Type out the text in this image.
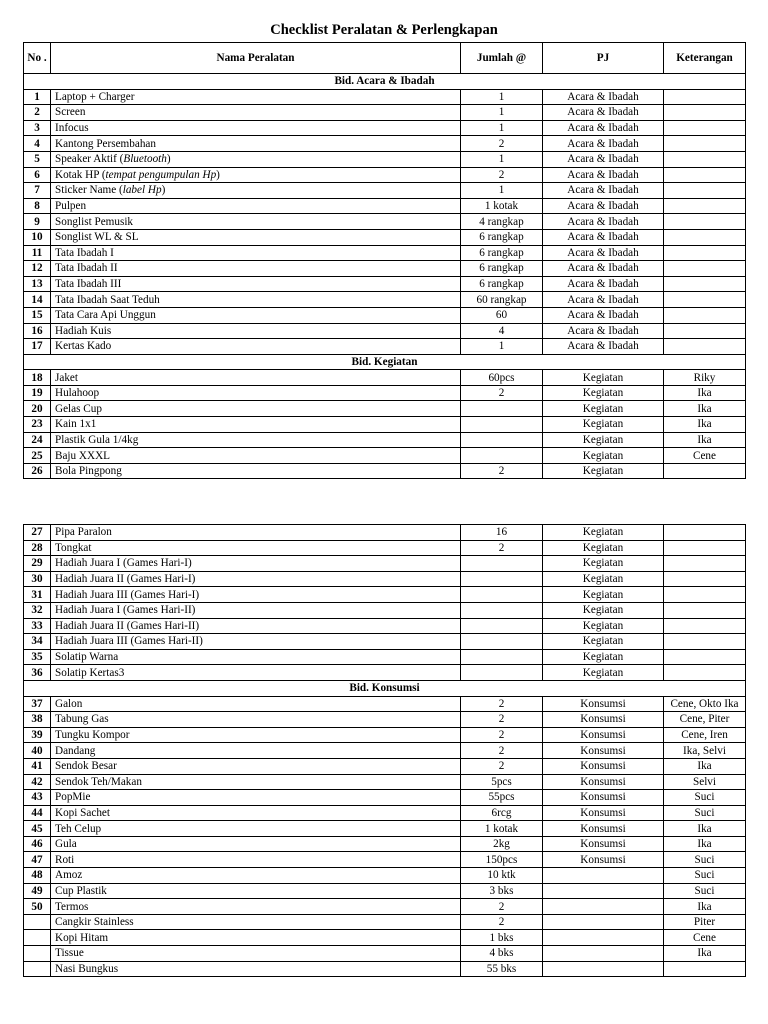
Checklist Peralatan & Perlengkapan
No .	Nama Peralatan	Jumlah @	PJ	Keterangan
Bid. Acara & Ibadah				
1	Laptop + Charger	1	Acara & Ibadah	
2	Screen	1	Acara & Ibadah	
3	Infocus	1	Acara & Ibadah	
4	Kantong Persembahan	2	Acara & Ibadah	
5	Speaker Aktif (Bluetooth)	1	Acara & Ibadah	
6	Kotak HP (tempat pengumpulan Hp)	2	Acara & Ibadah	
7	Sticker Name (label Hp)	1	Acara & Ibadah	
8	Pulpen	1 kotak	Acara & Ibadah	
9	Songlist Pemusik	4 rangkap	Acara & Ibadah	
10	Songlist WL & SL	6 rangkap	Acara & Ibadah	
11	Tata Ibadah I	6 rangkap	Acara & Ibadah	
12	Tata Ibadah II	6 rangkap	Acara & Ibadah	
13	Tata Ibadah III	6 rangkap	Acara & Ibadah	
14	Tata Ibadah Saat Teduh	60 rangkap	Acara & Ibadah	
15	Tata Cara Api Unggun	60	Acara & Ibadah	
16	Hadiah Kuis	4	Acara & Ibadah	
17	Kertas Kado	1	Acara & Ibadah	
Bid. Kegiatan				
18	Jaket	60pcs	Kegiatan	Riky
19	Hulahoop	2	Kegiatan	Ika
20	Gelas Cup		Kegiatan	Ika
23	Kain 1x1		Kegiatan	Ika
24	Plastik Gula 1/4kg		Kegiatan	Ika
25	Baju XXXL		Kegiatan	Cene
26	Bola Pingpong	2	Kegiatan	
27	Pipa Paralon	16	Kegiatan	
28	Tongkat	2	Kegiatan	
29	Hadiah Juara I (Games Hari-I)		Kegiatan	
30	Hadiah Juara II (Games Hari-I)		Kegiatan	
31	Hadiah Juara III (Games Hari-I)		Kegiatan	
32	Hadiah Juara I (Games Hari-II)		Kegiatan	
33	Hadiah Juara II (Games Hari-II)		Kegiatan	
34	Hadiah Juara III (Games Hari-II)		Kegiatan	
35	Solatip Warna		Kegiatan	
36	Solatip Kertas3		Kegiatan	
Bid. Konsumsi				
37	Galon	2	Konsumsi	Cene, Okto Ika
38	Tabung Gas	2	Konsumsi	Cene, Piter
39	Tungku Kompor	2	Konsumsi	Cene, Iren
40	Dandang	2	Konsumsi	Ika, Selvi
41	Sendok Besar	2	Konsumsi	Ika
42	Sendok Teh/Makan	5pcs	Konsumsi	Selvi
43	PopMie	55pcs	Konsumsi	Suci
44	Kopi Sachet	6rcg	Konsumsi	Suci
45	Teh Celup	1 kotak	Konsumsi	Ika
46	Gula	2kg	Konsumsi	Ika
47	Roti	150pcs	Konsumsi	Suci
48	Amoz	10 ktk		Suci
49	Cup Plastik	3 bks		Suci
50	Termos	2		Ika
	Cangkir Stainless	2		Piter
	Kopi Hitam	1 bks		Cene
	Tissue	4 bks		Ika
	Nasi Bungkus	55 bks		
